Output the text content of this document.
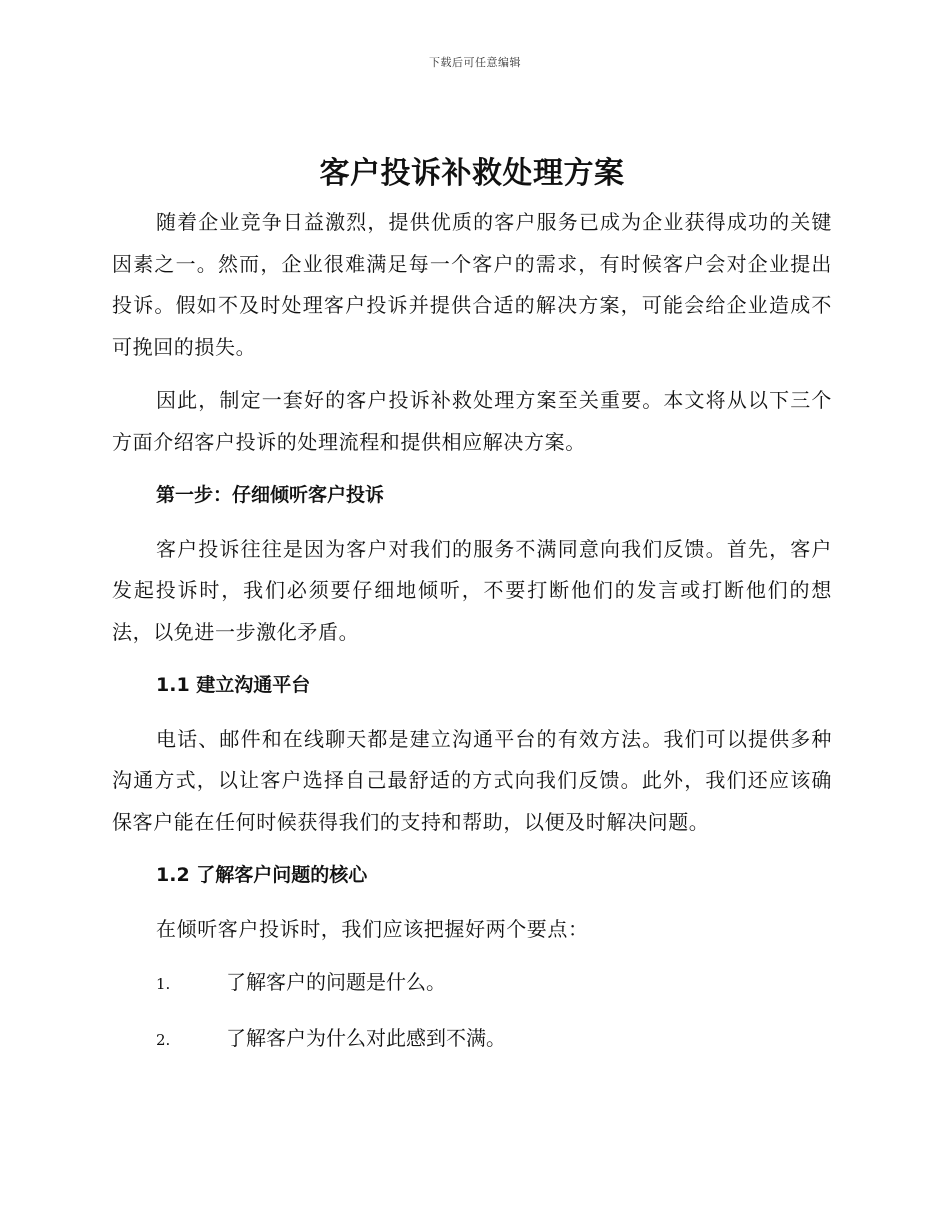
下载后可任意编辑
客户投诉补救处理方案

随着企业竞争日益激烈，提供优质的客户服务已成为企业获得成功的关键因素之一。然而，企业很难满足每一个客户的需求，有时候客户会对企业提出投诉。假如不及时处理客户投诉并提供合适的解决方案，可能会给企业造成不可挽回的损失。

因此，制定一套好的客户投诉补救处理方案至关重要。本文将从以下三个方面介绍客户投诉的处理流程和提供相应解决方案。

第一步：仔细倾听客户投诉

客户投诉往往是因为客户对我们的服务不满同意向我们反馈。首先，客户发起投诉时，我们必须要仔细地倾听，不要打断他们的发言或打断他们的想法，以免进一步激化矛盾。

1.1 建立沟通平台

电话、邮件和在线聊天都是建立沟通平台的有效方法。我们可以提供多种沟通方式，以让客户选择自己最舒适的方式向我们反馈。此外，我们还应该确保客户能在任何时候获得我们的支持和帮助，以便及时解决问题。

1.2 了解客户问题的核心

在倾听客户投诉时，我们应该把握好两个要点：

1.	了解客户的问题是什么。
2.	了解客户为什么对此感到不满。
